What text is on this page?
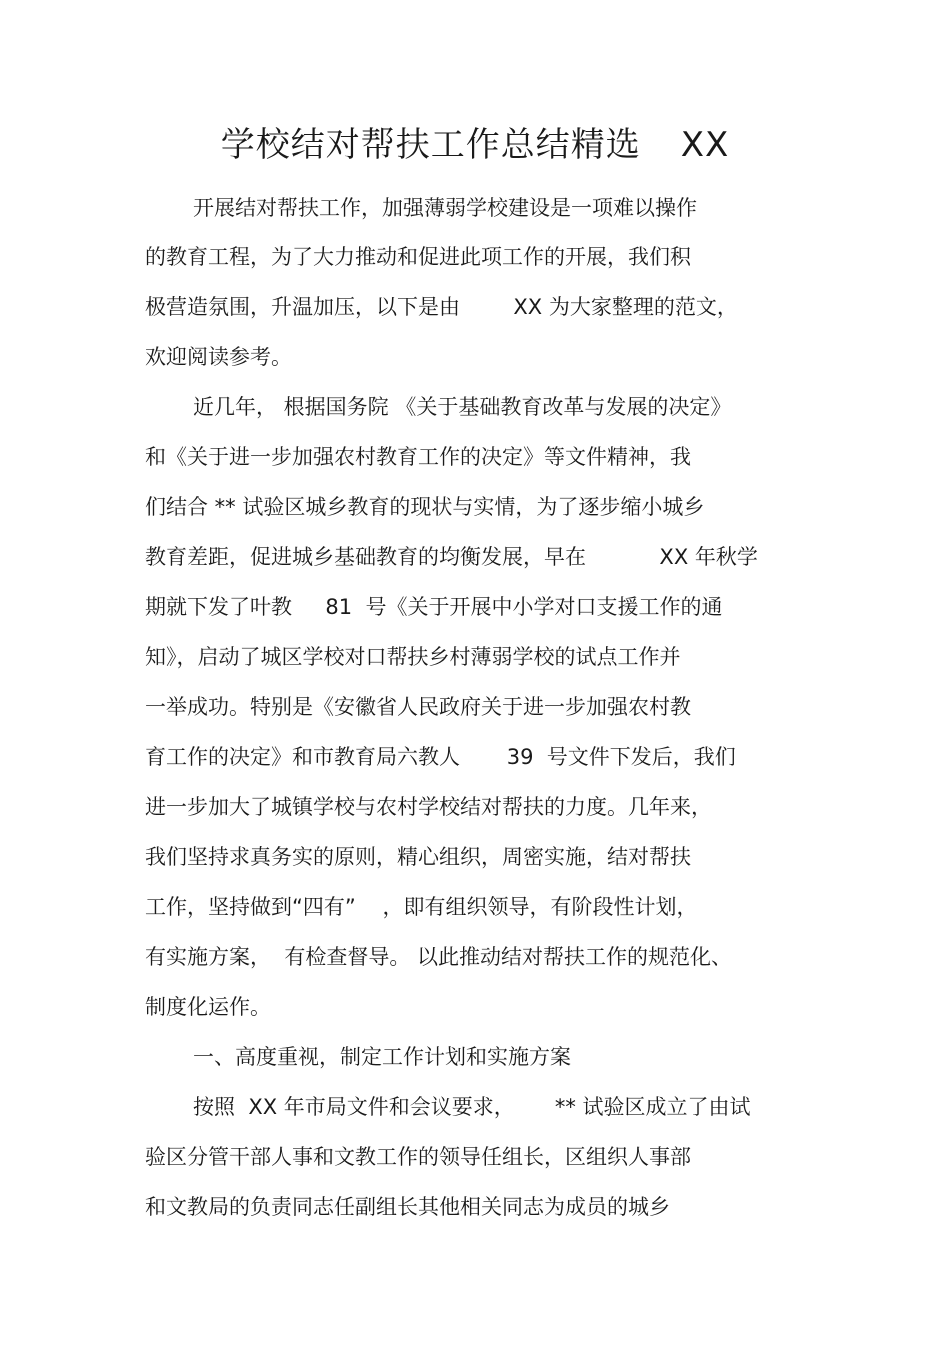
学校结对帮扶工作总结精选 XX
开展结对帮扶工作，加强薄弱学校建设是一项难以操作
的教育工程，为了大力推动和促进此项工作的开展，我们积
极营造氛围，升温加压，以下是由        XX 为大家整理的范文，
欢迎阅读参考。
近几年， 根据国务院 《关于基础教育改革与发展的决定》
和《关于进一步加强农村教育工作的决定》等文件精神，我
们结合 ** 试验区城乡教育的现状与实情，为了逐步缩小城乡
教育差距，促进城乡基础教育的均衡发展，早在           XX 年秋学
期就下发了叶教     81  号《关于开展中小学对口支援工作的通
知》，启动了城区学校对口帮扶乡村薄弱学校的试点工作并
一举成功。特别是《安徽省人民政府关于进一步加强农村教
育工作的决定》和市教育局六教人       39  号文件下发后，我们
进一步加大了城镇学校与农村学校结对帮扶的力度。几年来，
我们坚持求真务实的原则，精心组织，周密实施，结对帮扶
工作，坚持做到“四有”    ，即有组织领导，有阶段性计划，
有实施方案，  有检查督导。 以此推动结对帮扶工作的规范化、
制度化运作。
一、高度重视，制定工作计划和实施方案
按照  XX 年市局文件和会议要求，      ** 试验区成立了由试
验区分管干部人事和文教工作的领导任组长，区组织人事部
和文教局的负责同志任副组长其他相关同志为成员的城乡
